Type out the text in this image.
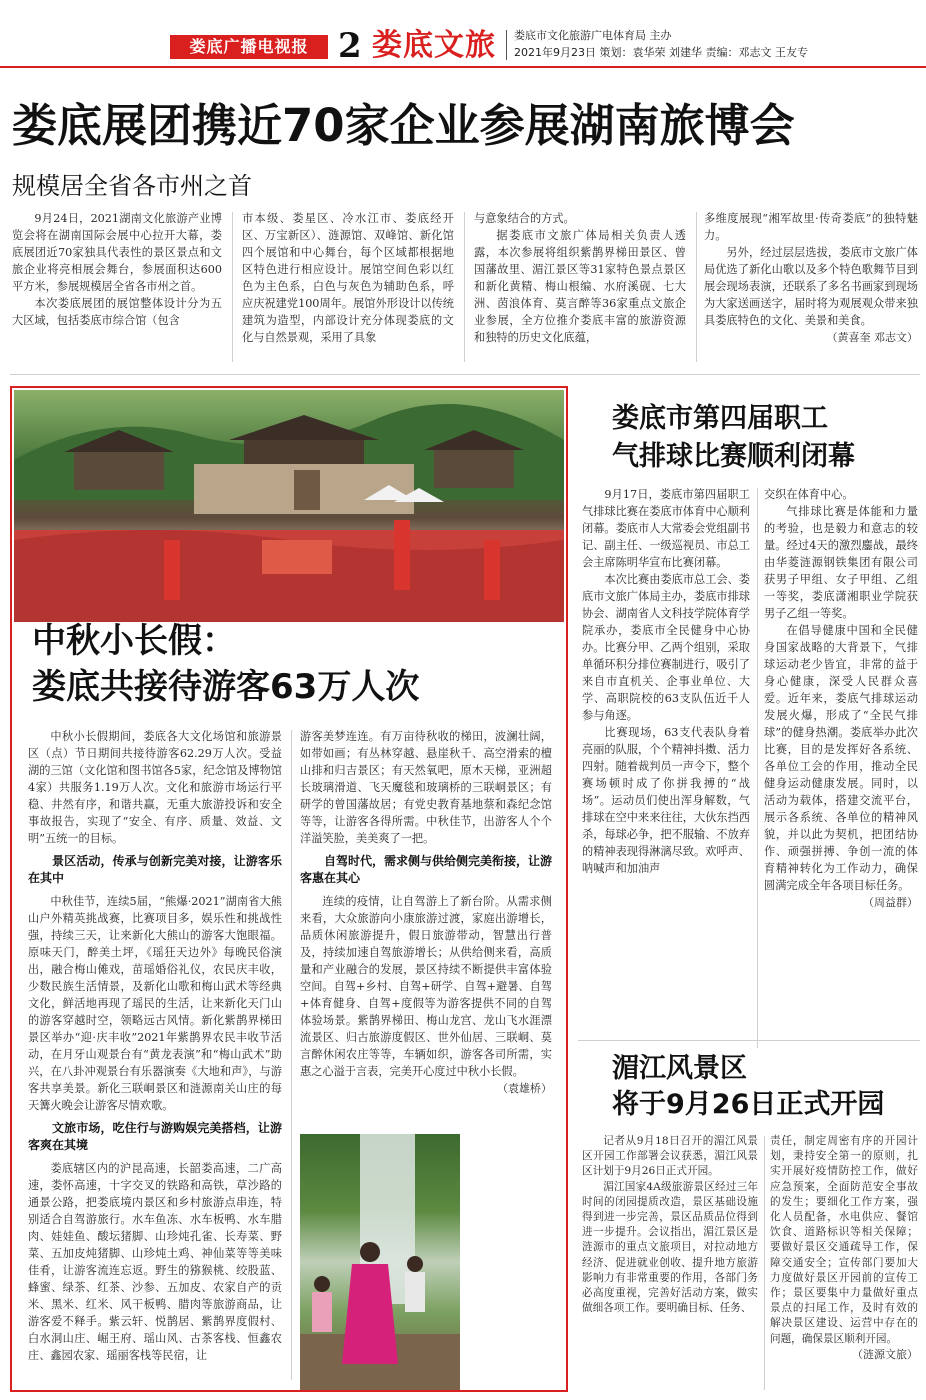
娄底广播电视报 2 娄底文旅 娄底市文化旅游广电体育局 主办
2021年9月23日 策划：袁华荣 刘建华 责编：邓志文 王友专
娄底展团携近70家企业参展湖南旅博会
规模居全省各市州之首

9月24日，2021湖南文化旅游产业博览会将在湖南国际会展中心拉开大幕，娄底展团近70家独具代表性的景区景点和文旅企业将亮相展会舞台，参展面积达600平方米，参展规模居全省各市州之首。

本次娄底展团的展馆整体设计分为五大区域，包括娄底市综合馆（包含

市本级、娄星区、冷水江市、娄底经开区、万宝新区）、涟源馆、双峰馆、新化馆四个展馆和中心舞台，每个区域都根据地区特色进行相应设计。展馆空间色彩以红色为主色系，白色与灰色为辅助色系，呼应庆祝建党100周年。展馆外形设计以传统建筑为造型，内部设计充分体现娄底的文化与自然景观，采用了具象

与意象结合的方式。

据娄底市文旅广体局相关负责人透露，本次参展将组织紫鹊界梯田景区、曾国藩故里、湄江景区等31家特色景点景区和新化黄精、梅山根编、水府溪砚、七大洲、茵浪体育、莫言醉等36家重点文旅企业参展，全方位推介娄底丰富的旅游资源和独特的历史文化底蕴，

多维度展现“湘军故里·传奇娄底”的独特魅力。

另外，经过层层选拔，娄底市文旅广体局优选了新化山歌以及多个特色歌舞节目到展会现场表演，还联系了多名书画家到现场为大家送画送字，届时将为观展观众带来独具娄底特色的文化、美景和美食。

（黄喜奎 邓志文）
中秋小长假：
娄底共接待游客63万人次

中秋小长假期间，娄底各大文化场馆和旅游景区（点）节日期间共接待游客62.29万人次。受益湖的三馆（文化馆和图书馆各5家，纪念馆及博物馆4家）共服务1.19万人次。文化和旅游市场运行平稳、井然有序，和谐共赢，无重大旅游投诉和安全事故报告，实现了“安全、有序、质量、效益、文明”五统一的目标。

景区活动，传承与创新完美对接，让游客乐在其中

中秋佳节，连续5届，“熊爆·2021”湖南省大熊山户外精英挑战赛，比赛项目多，娱乐性和挑战性强，持续三天，让来新化大熊山的游客大饱眼福。原味天门，醉美土坪，《瑶狂天边外》每晚民俗演出，融合梅山傩戏，苗瑶婚俗礼仪，农民庆丰收，少数民族生活情景，及新化山歌和梅山武术等经典文化，鲜活地再现了瑶民的生活，让来新化天门山的游客穿越时空，领略远古风情。新化紫鹊界梯田景区举办“迎·庆丰收”2021年紫鹊界农民丰收节活动，在月牙山观景台有“黄龙表演”和“梅山武术”助兴，在八卦冲观景台有乐器演奏《大地和声》，与游客共享美景。新化三联峒景区和涟源南关山庄的每天篝火晚会让游客尽情欢歌。

文旅市场，吃住行与游购娱完美搭档，让游客爽在其境

娄底辖区内的沪昆高速，长韶娄高速，二广高速，娄怀高速，十字交叉的铁路和高铁，草沙路的通景公路，把娄底境内景区和乡村旅游点串连，特别适合自驾游旅行。水车鱼冻、水车板鸭、水车腊肉、娃娃鱼、酸坛猪脚、山珍炖孔雀、长寿菜、野菜、五加皮炖猪脚、山珍炖土鸡、神仙菜等等美味佳肴，让游客流连忘返。野生的猕猴桃、绞股蓝、蜂蜜、绿茶、红茶、沙参、五加皮、农家自产的贡米、黑米、红米、风干板鸭、腊肉等旅游商品，让游客爱不释手。紫云轩、悦鹊居、紫鹊界度假村、白水洞山庄、崛王府、瑶山风、古茶客栈、恒鑫农庄、鑫园农家、瑶丽客栈等民宿，让

游客美梦连连。有万亩待秋收的梯田，波澜壮阔，如带如画；有丛林穿越、悬崖秋千、高空滑索的檀山排和归吉景区；有天然氧吧，原木天梯，亚洲超长玻璃滑道、飞天魔毯和玻璃桥的三联峒景区；有研学的曾国藩故居；有党史教育基地蔡和森纪念馆等等，让游客各得所需。中秋佳节，出游客人个个洋溢笑脸，美美爽了一把。

自驾时代，需求侧与供给侧完美衔接，让游客惠在其心

连续的疫情，让自驾游上了新台阶。从需求侧来看，大众旅游向小康旅游过渡，家庭出游增长，品质休闲旅游提升，假日旅游带动，智慧出行普及，持续加速自驾旅游增长；从供给侧来看，高质量和产业融合的发展，景区持续不断提供丰富体验空间。自驾+乡村、自驾+研学、自驾+避暑、自驾+体育健身、自驾+度假等为游客提供不同的自驾体验场景。紫鹊界梯田、梅山龙宫、龙山飞水涯漂流景区、归古旅游度假区、世外仙居、三联峒、莫言醉休闲农庄等等，车辆如织，游客各司所需，实惠之心溢于言表，完美开心度过中秋小长假。

（袁雄桥）
娄底市第四届职工
气排球比赛顺利闭幕

9月17日，娄底市第四届职工气排球比赛在娄底市体育中心顺利闭幕。娄底市人大常委会党组副书记、副主任、一级巡视员、市总工会主席陈明华宣布比赛闭幕。

本次比赛由娄底市总工会、娄底市文旅广体局主办，娄底市排球协会、湖南省人文科技学院体育学院承办，娄底市全民健身中心协办。比赛分甲、乙两个组别，采取单循环积分排位赛制进行，吸引了来自市直机关、企事业单位、大学、高职院校的63支队伍近千人参与角逐。

比赛现场，63支代表队身着亮丽的队服，个个精神抖擞、活力四射。随着裁判员一声令下，整个赛场顿时成了你拼我搏的“战场”。运动员们使出浑身解数，气排球在空中来来往往，大伙东挡西杀，每球必争，把不服输、不放弃的精神表现得淋漓尽致。欢呼声、呐喊声和加油声

交织在体育中心。

气排球比赛是体能和力量的考验，也是毅力和意志的较量。经过4天的激烈鏖战，最终由华菱涟源钢铁集团有限公司获男子甲组、女子甲组、乙组一等奖，娄底潇湘职业学院获男子乙组一等奖。

在倡导健康中国和全民健身国家战略的大背景下，气排球运动老少皆宜，非常的益于身心健康，深受人民群众喜爱。近年来，娄底气排球运动发展火爆，形成了“全民气排球”的健身热潮。娄底举办此次比赛，目的是发挥好各系统、各单位工会的作用，推动全民健身运动健康发展。同时，以活动为载体，搭建交流平台，展示各系统、各单位的精神风貌，并以此为契机，把团结协作、顽强拼搏、争创一流的体育精神转化为工作动力，确保圆满完成全年各项目标任务。

（周益群）
湄江风景区
将于9月26日正式开园

记者从9月18日召开的湄江风景区开园工作部署会议获悉，湄江风景区计划于9月26日正式开园。

湄江国家4A级旅游景区经过三年时间的闭园提质改造，景区基础设施得到进一步完善，景区品质品位得到进一步提升。会议指出，湄江景区是涟源市的重点文旅项目，对拉动地方经济、促进就业创收、提升地方旅游影响力有非常重要的作用，各部门务必高度重视，完善好活动方案，做实做细各项工作。要明确目标、任务、

责任，制定周密有序的开园计划，秉持安全第一的原则，扎实开展好疫情防控工作，做好应急预案，全面防范安全事故的发生；要细化工作方案，强化人员配备，水电供应、餐馆饮食、道路标识等相关保障；要做好景区交通疏导工作，保障交通安全；宣传部门要加大力度做好景区开园前的宣传工作；景区要集中力量做好重点景点的扫尾工作，及时有效的解决景区建设、运营中存在的问题，确保景区顺利开园。

（涟源文旅）
